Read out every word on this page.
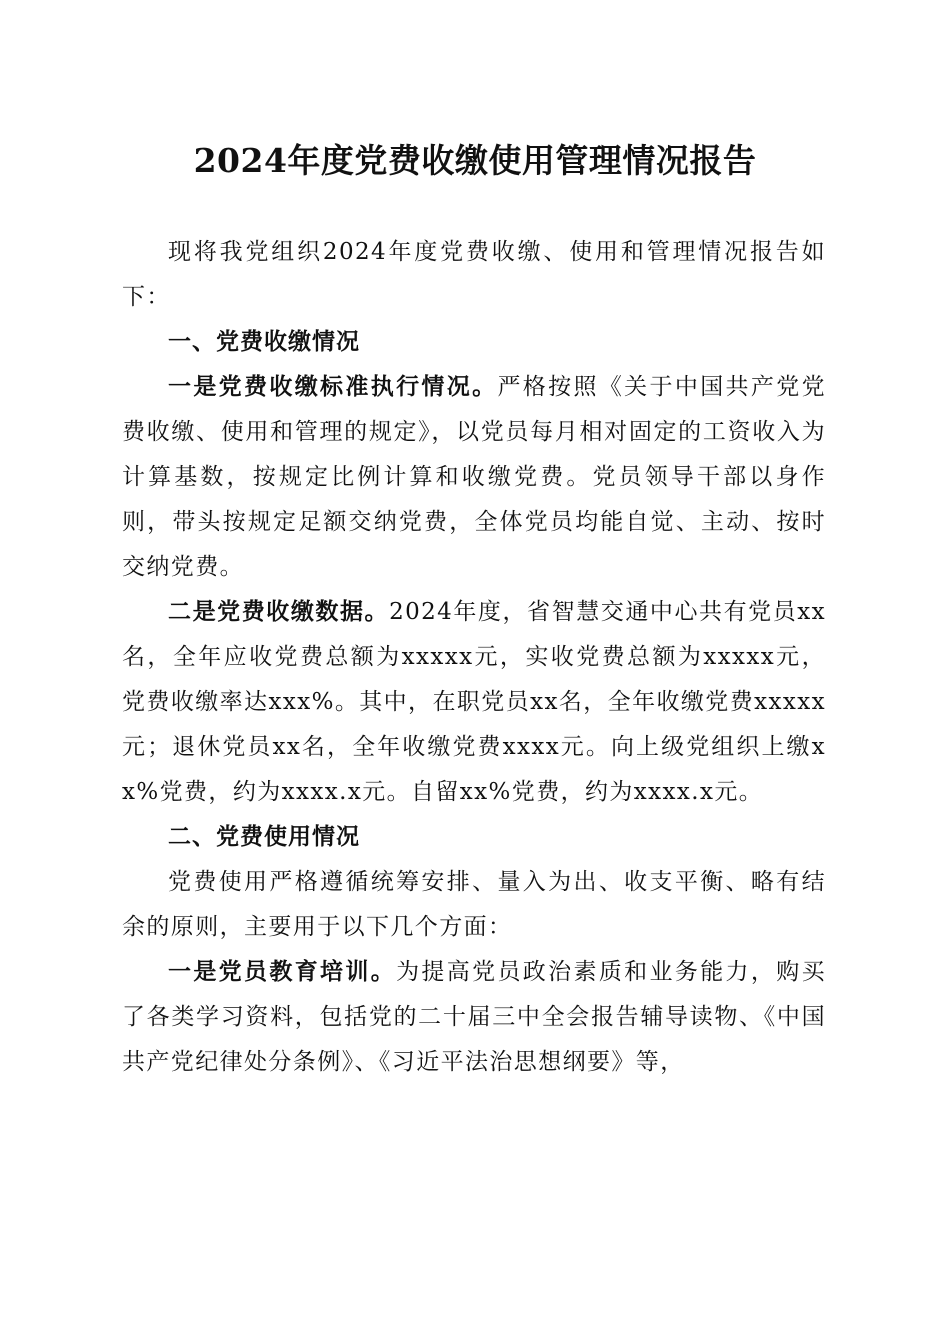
2024年度党费收缴使用管理情况报告

现将我党组织2024年度党费收缴、使用和管理情况报告如下：

一、党费收缴情况

一是党费收缴标准执行情况。严格按照《关于中国共产党党费收缴、使用和管理的规定》，以党员每月相对固定的工资收入为计算基数，按规定比例计算和收缴党费。党员领导干部以身作则，带头按规定足额交纳党费，全体党员均能自觉、主动、按时交纳党费。

二是党费收缴数据。2024年度，省智慧交通中心共有党员xx名，全年应收党费总额为xxxxx元，实收党费总额为xxxxx元，党费收缴率达xxx%。其中，在职党员xx名，全年收缴党费xxxxx元；退休党员xx名，全年收缴党费xxxx元。向上级党组织上缴xx%党费，约为xxxx.x元。自留xx%党费，约为xxxx.x元。

二、党费使用情况

党费使用严格遵循统筹安排、量入为出、收支平衡、略有结余的原则，主要用于以下几个方面：

一是党员教育培训。为提高党员政治素质和业务能力，购买了各类学习资料，包括党的二十届三中全会报告辅导读物、《中国共产党纪律处分条例》、《习近平法治思想纲要》等，
